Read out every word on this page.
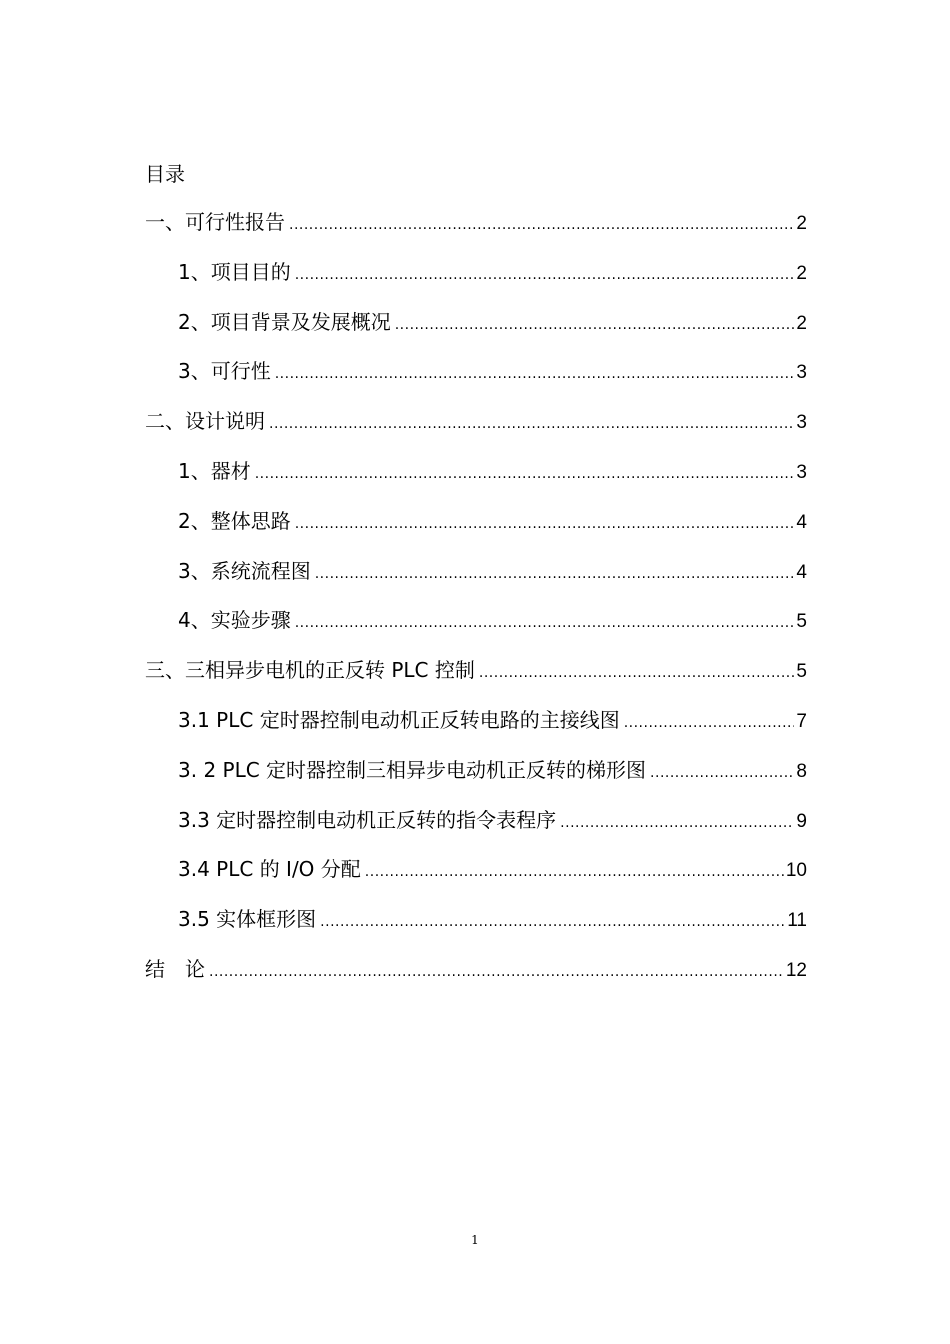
目录
一、可行性报告 .....	2
1、项目目的 .....	2
2、项目背景及发展概况 .....	2
3、可行性 .....	3
二、设计说明 .....	3
1、器材 .....	3
2、整体思路 .....	4
3、系统流程图 .....	4
4、实验步骤 .....	5
三、三相异步电机的正反转 PLC 控制 .....	5
3.1 PLC 定时器控制电动机正反转电路的主接线图 .....	7
3. 2 PLC 定时器控制三相异步电动机正反转的梯形图 .....	8
3.3 定时器控制电动机正反转的指令表程序 .....	9
3.4 PLC 的 I/O 分配 .....	10
3.5 实体框形图 .....	11
结　论 .....	12
1
